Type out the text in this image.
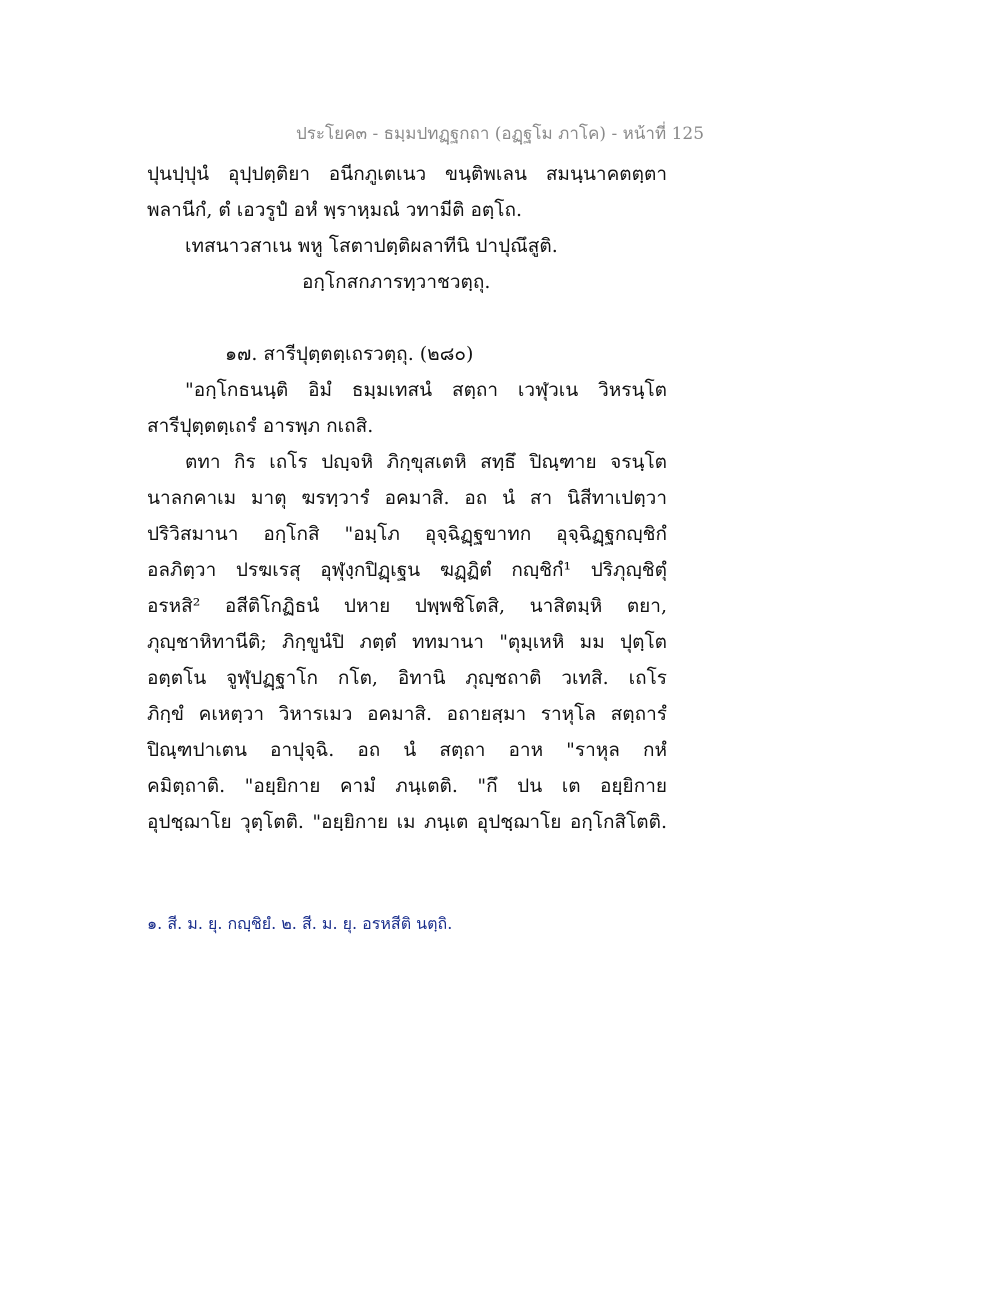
ประโยค๓ - ธมฺมปทฏฺฐกถา (อฏฺฐโม ภาโค) - หน้าที่ 125
ปุนปฺปุนํ อุปฺปตฺติยา อนีกภูเตเนว ขนฺติพเลน สมนฺนาคตตฺตา
พลานีกํ, ตํ เอวรูปํ อหํ พฺราหฺมณํ วทามีติ อตฺโถ.
เทสนาวสาเน พหู โสตาปตฺติผลาทีนิ ปาปุณึสูติ.
อกฺโกสกภารทฺวาชวตฺถุ.
๑๗. สารีปุตฺตตฺเถรวตฺถุ. (๒๘๐)
"อกฺโกธนนฺติ อิมํ ธมฺมเทสนํ สตฺถา เวฬุวเน วิหรนฺโต
สารีปุตฺตตฺเถรํ อารพฺภ กเถสิ.
ตทา กิร เถโร ปญฺจหิ ภิกฺขุสเตหิ สทฺธึ ปิณฺฑาย จรนฺโต
นาลกคาเม มาตุ ฆรทฺวารํ อคมาสิ. อถ นํ สา นิสีทาเปตฺวา
ปริวิสมานา อกฺโกสิ "อมฺโภ อุจฺฉิฏฺฐขาทก อุจฺฉิฏฺฐกญฺชิกํ
อลภิตฺวา ปรฆเรสุ อุฬุงฺกปิฏฺเฐน ฆฏฺฏิตํ กญฺชิกํ¹ ปริภุญฺชิตุํ
อรหสิ² อสีติโกฏิธนํ ปหาย ปพฺพชิโตสิ, นาสิตมฺหิ ตยา,
ภุญฺชาหิทานีติ; ภิกฺขูนํปิ ภตฺตํ ททมานา "ตุมฺเหหิ มม ปุตฺโต
อตฺตโน จูฬุปฏฺฐาโก กโต, อิทานิ ภุญฺชถาติ วเทสิ. เถโร
ภิกฺขํ คเหตฺวา วิหารเมว อคมาสิ. อถายสฺมา ราหุโล สตฺถารํ
ปิณฺฑปาเตน อาปุจฺฉิ. อถ นํ สตฺถา อาห "ราหุล กหํ
คมิตฺถาติ. "อยฺยิกาย คามํ ภนฺเตติ. "กึ ปน เต อยฺยิกาย
อุปชฺฌาโย วุตฺโตติ. "อยฺยิกาย เม ภนฺเต อุปชฺฌาโย อกฺโกสิโตติ.
๑. สี. ม. ยุ. กญฺชิยํ. ๒. สี. ม. ยุ. อรหสีติ นตฺถิ.
